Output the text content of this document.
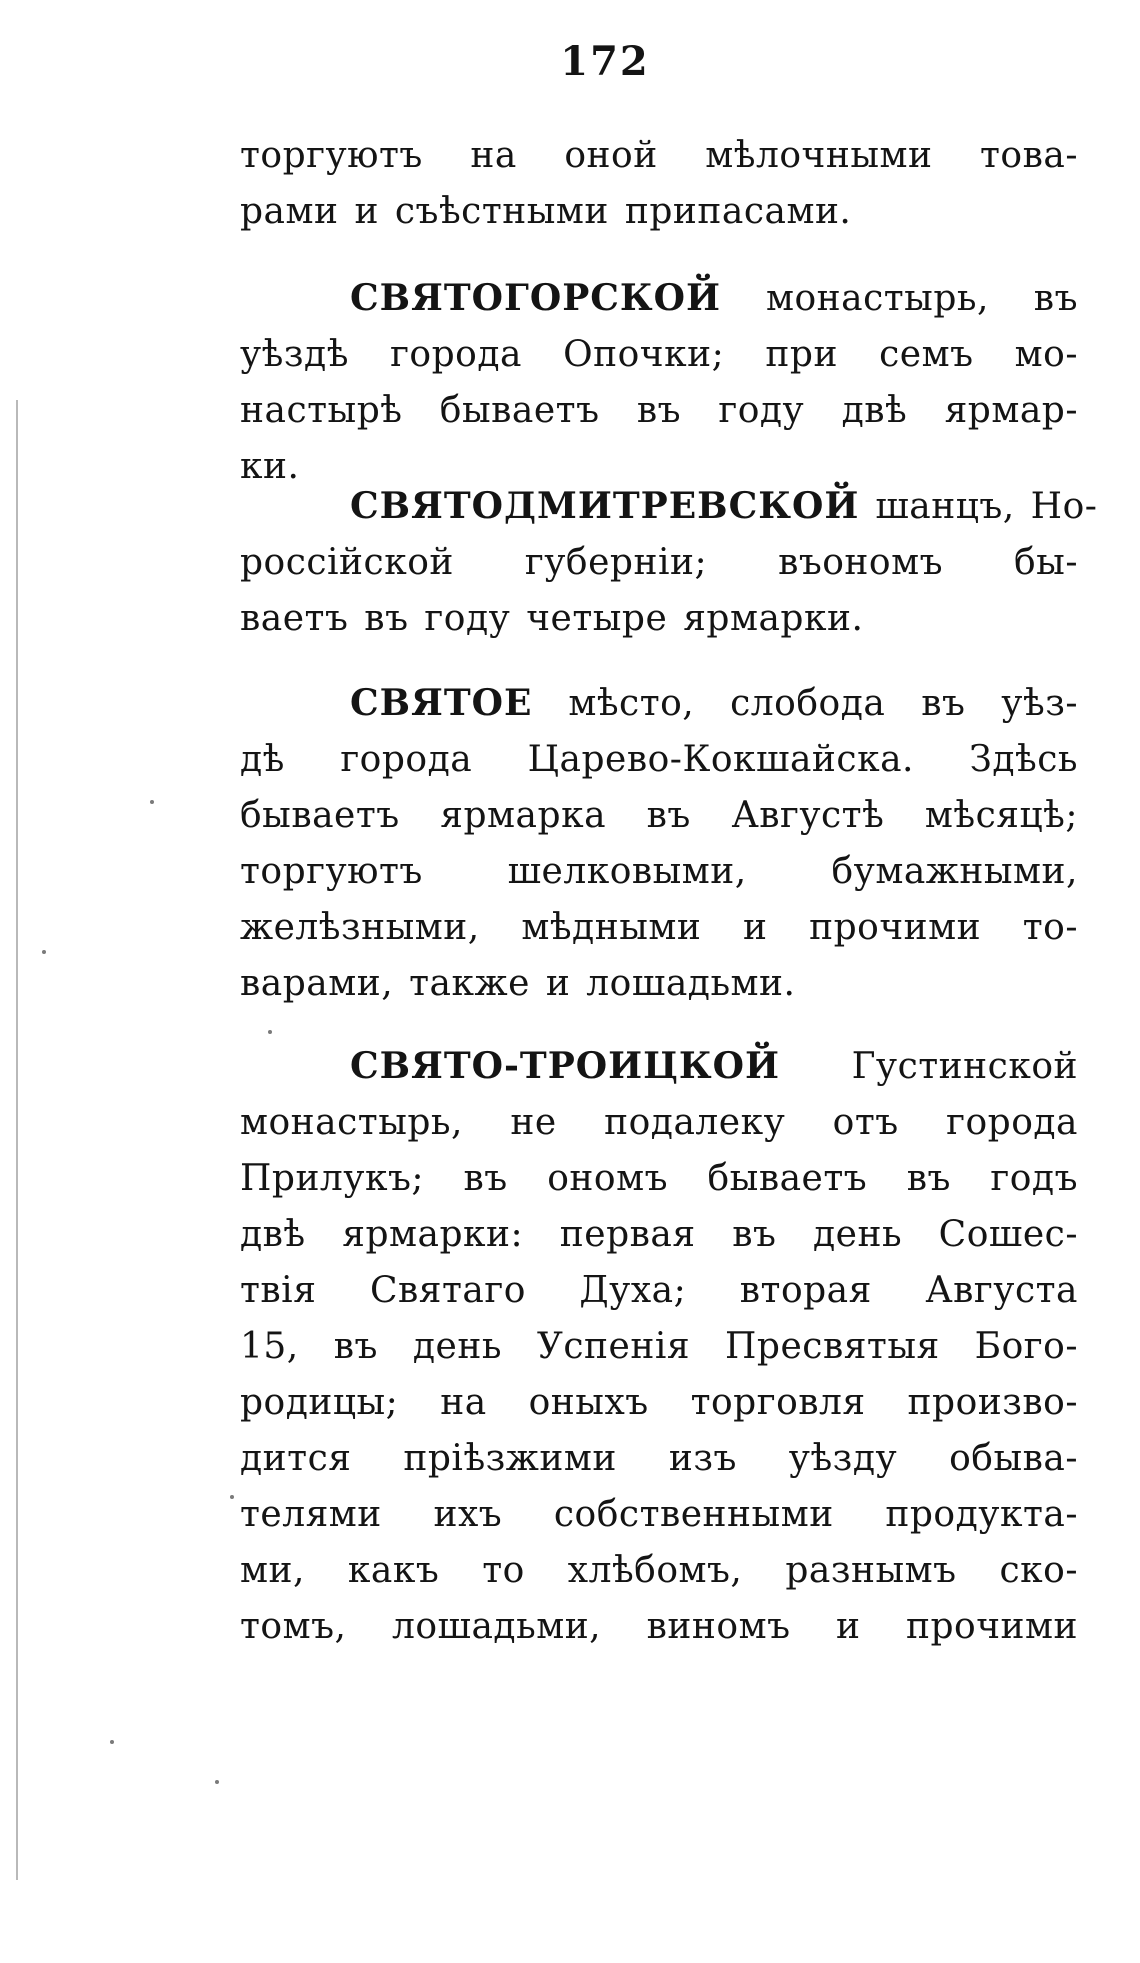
172
торгуютъ на оной мѣлочными това-
рами и съѣстными припасами.
СВЯТОГОРСКОЙ монастырь, въ
уѣздѣ города Опочки; при семъ мо-
настырѣ бываетъ въ году двѣ ярмар-
ки.
СВЯТОДМИТРЕВСКОЙ шанцъ, Но-
россійской губерніи; въономъ бы-
ваетъ въ году четыре ярмарки.
СВЯТОЕ мѣсто, слобода въ уѣз-
дѣ города Царево-Кокшайска. Здѣсь
бываетъ ярмарка въ Августѣ мѣсяцѣ;
торгуютъ шелковыми, бумажными,
желѣзными, мѣдными и прочими то-
варами, также и лошадьми.
СВЯТО-ТРОИЦКОЙ Густинской
монастырь, не подалеку отъ города
Прилукъ; въ ономъ бываетъ въ годъ
двѣ ярмарки: первая въ день Сошес-
твія Святаго Духа; вторая Августа
15, въ день Успенія Пресвятыя Бого-
родицы; на оныхъ торговля произво-
дится пріѣзжими изъ уѣзду обыва-
телями ихъ собственными продукта-
ми, какъ то хлѣбомъ, разнымъ ско-
томъ, лошадьми, виномъ и прочими
